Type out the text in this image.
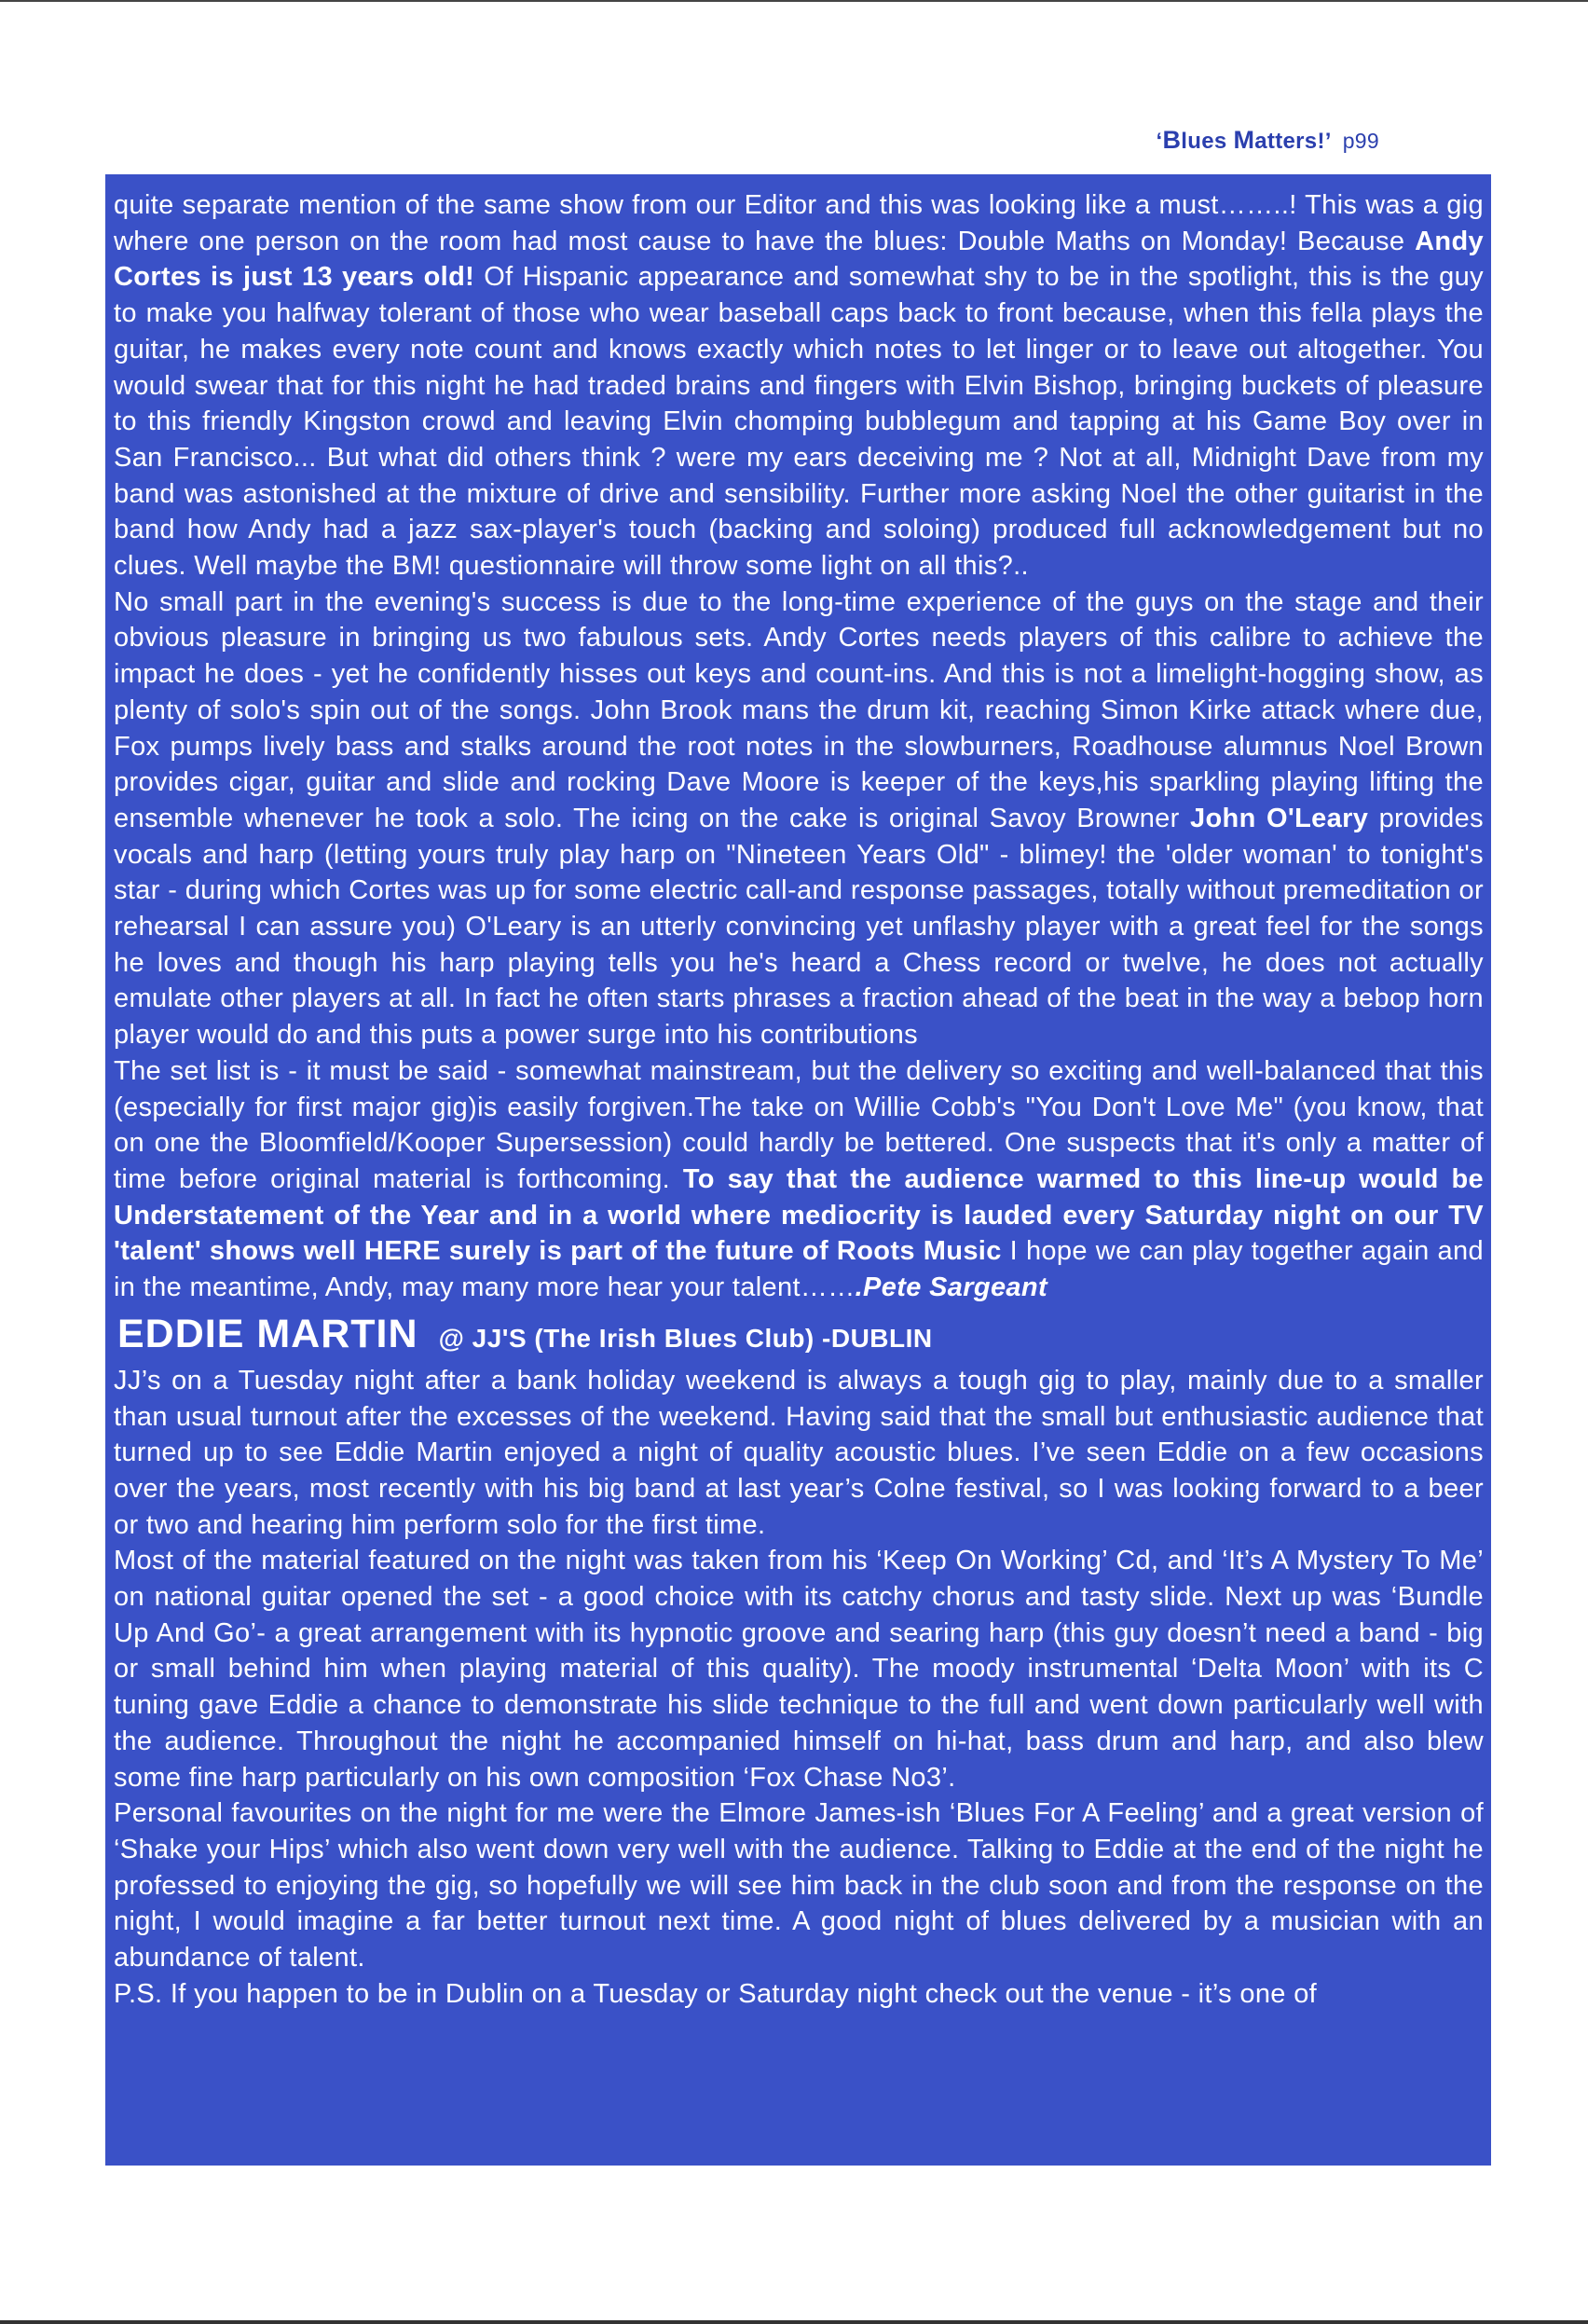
‘Blues Matters!’ p99

quite separate mention of the same show from our Editor and this was looking like a must……..! This was a gig where one person on the room had most cause to have the blues: Double Maths on Monday! Because Andy Cortes is just 13 years old! Of Hispanic appearance and somewhat shy to be in the spotlight, this is the guy to make you halfway tolerant of those who wear baseball caps back to front because, when this fella plays the guitar, he makes every note count and knows exactly which notes to let linger or to leave out altogether. You would swear that for this night he had traded brains and fingers with Elvin Bishop, bringing buckets of pleasure to this friendly Kingston crowd and leaving Elvin chomping bubblegum and tapping at his Game Boy over in San Francisco... But what did others think ? were my ears deceiving me ? Not at all, Midnight Dave from my band was astonished at the mixture of drive and sensibility. Further more asking Noel the other guitarist in the band how Andy had a jazz sax-player's touch (backing and soloing) produced full acknowledgement but no clues. Well maybe the BM! questionnaire will throw some light on all this?..

No small part in the evening's success is due to the long-time experience of the guys on the stage and their obvious pleasure in bringing us two fabulous sets. Andy Cortes needs players of this calibre to achieve the impact he does - yet he confidently hisses out keys and count-ins. And this is not a limelight-hogging show, as plenty of solo's spin out of the songs. John Brook mans the drum kit, reaching Simon Kirke attack where due, Fox pumps lively bass and stalks around the root notes in the slowburners, Roadhouse alumnus Noel Brown provides cigar, guitar and slide and rocking Dave Moore is keeper of the keys,his sparkling playing lifting the ensemble whenever he took a solo. The icing on the cake is original Savoy Browner John O'Leary provides vocals and harp (letting yours truly play harp on "Nineteen Years Old" - blimey! the 'older woman' to tonight's star - during which Cortes was up for some electric call-and response passages, totally without premeditation or rehearsal I can assure you) O'Leary is an utterly convincing yet unflashy player with a great feel for the songs he loves and though his harp playing tells you he's heard a Chess record or twelve, he does not actually emulate other players at all. In fact he often starts phrases a fraction ahead of the beat in the way a bebop horn player would do and this puts a power surge into his contributions

The set list is - it must be said - somewhat mainstream, but the delivery so exciting and well-balanced that this (especially for first major gig)is easily forgiven.The take on Willie Cobb's "You Don't Love Me" (you know, that on one the Bloomfield/Kooper Supersession) could hardly be bettered. One suspects that it's only a matter of time before original material is forthcoming. To say that the audience warmed to this line-up would be Understatement of the Year and in a world where mediocrity is lauded every Saturday night on our TV 'talent' shows well HERE surely is part of the future of Roots Music I hope we can play together again and in the meantime, Andy, may many more hear your talent…….Pete Sargeant

EDDIE MARTIN @ JJ'S (The Irish Blues Club) -DUBLIN

JJ’s on a Tuesday night after a bank holiday weekend is always a tough gig to play, mainly due to a smaller than usual turnout after the excesses of the weekend. Having said that the small but enthusiastic audience that turned up to see Eddie Martin enjoyed a night of quality acoustic blues. I’ve seen Eddie on a few occasions over the years, most recently with his big band at last year’s Colne festival, so I was looking forward to a beer or two and hearing him perform solo for the first time.

Most of the material featured on the night was taken from his ‘Keep On Working’ Cd, and ‘It’s A Mystery To Me’ on national guitar opened the set - a good choice with its catchy chorus and tasty slide. Next up was ‘Bundle Up And Go’- a great arrangement with its hypnotic groove and searing harp (this guy doesn’t need a band - big or small behind him when playing material of this quality). The moody instrumental ‘Delta Moon’ with its C tuning gave Eddie a chance to demonstrate his slide technique to the full and went down particularly well with the audience. Throughout the night he accompanied himself on hi-hat, bass drum and harp, and also blew some fine harp particularly on his own composition ‘Fox Chase No3’.

Personal favourites on the night for me were the Elmore James-ish ‘Blues For A Feeling’ and a great version of ‘Shake your Hips’ which also went down very well with the audience. Talking to Eddie at the end of the night he professed to enjoying the gig, so hopefully we will see him back in the club soon and from the response on the night, I would imagine a far better turnout next time. A good night of blues delivered by a musician with an abundance of talent.

P.S. If you happen to be in Dublin on a Tuesday or Saturday night check out the venue - it’s one of
